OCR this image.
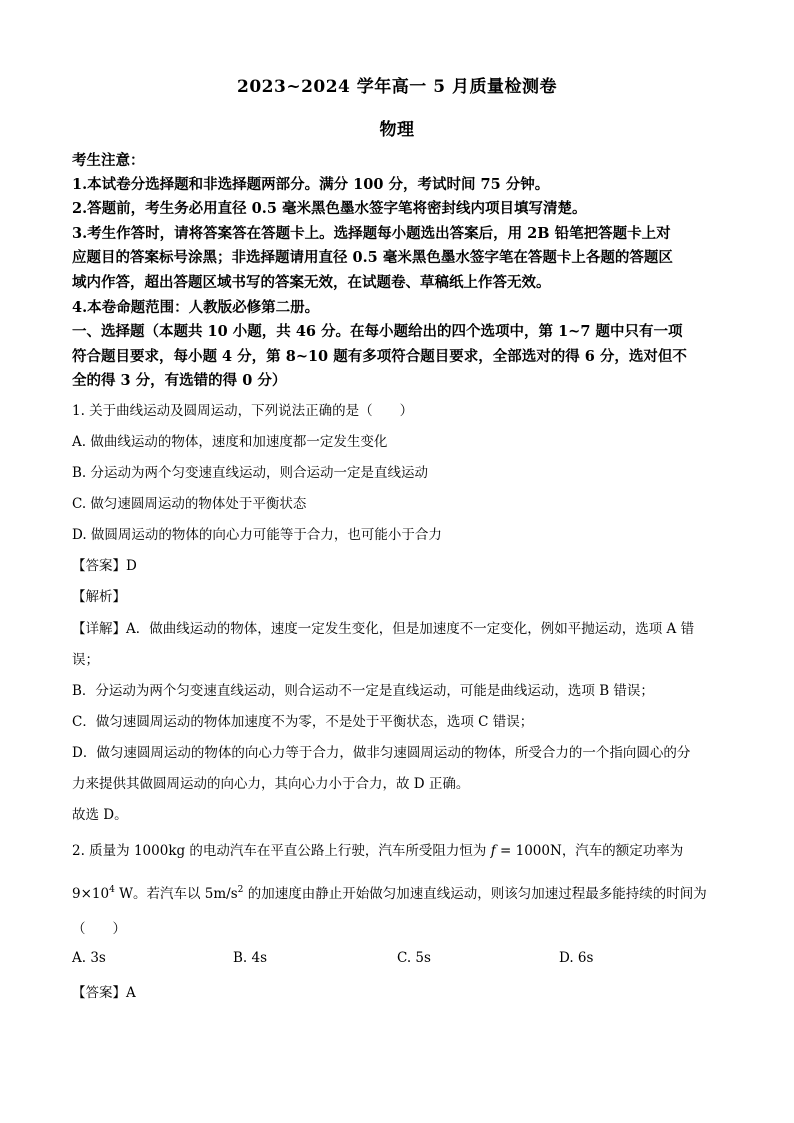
2023~2024 学年高一 5 月质量检测卷
物理
考生注意：
1.本试卷分选择题和非选择题两部分。满分 100 分，考试时间 75 分钟。
2.答题前，考生务必用直径 0.5 毫米黑色墨水签字笔将密封线内项目填写清楚。
3.考生作答时，请将答案答在答题卡上。选择题每小题选出答案后，用 2B 铅笔把答题卡上对
应题目的答案标号涂黑；非选择题请用直径 0.5 毫米黑色墨水签字笔在答题卡上各题的答题区
域内作答，超出答题区域书写的答案无效，在试题卷、草稿纸上作答无效。
4.本卷命题范围：人教版必修第二册。
一、选择题（本题共 10 小题，共 46 分。在每小题给出的四个选项中，第 1~7 题中只有一项
符合题目要求，每小题 4 分，第 8~10 题有多项符合题目要求，全部选对的得 6 分，选对但不
全的得 3 分，有选错的得 0 分）
1. 关于曲线运动及圆周运动，下列说法正确的是（　　）
A. 做曲线运动的物体，速度和加速度都一定发生变化
B. 分运动为两个匀变速直线运动，则合运动一定是直线运动
C. 做匀速圆周运动的物体处于平衡状态
D. 做圆周运动的物体的向心力可能等于合力，也可能小于合力
【答案】D
【解析】
【详解】A．做曲线运动的物体，速度一定发生变化，但是加速度不一定变化，例如平抛运动，选项 A 错
误；
B．分运动为两个匀变速直线运动，则合运动不一定是直线运动，可能是曲线运动，选项 B 错误；
C．做匀速圆周运动的物体加速度不为零，不是处于平衡状态，选项 C 错误；
D．做匀速圆周运动的物体的向心力等于合力，做非匀速圆周运动的物体，所受合力的一个指向圆心的分
力来提供其做圆周运动的向心力，其向心力小于合力，故 D 正确。
故选 D。
2. 质量为 1000kg 的电动汽车在平直公路上行驶，汽车所受阻力恒为 f = 1000N，汽车的额定功率为
$9\times 10^4$ W。若汽车以 $5m/s^2$ 的加速度由静止开始做匀加速直线运动，则该匀加速过程最多能持续的时间为
（　　）
A. 3s	B. 4s	C. 5s	D. 6s
【答案】A
